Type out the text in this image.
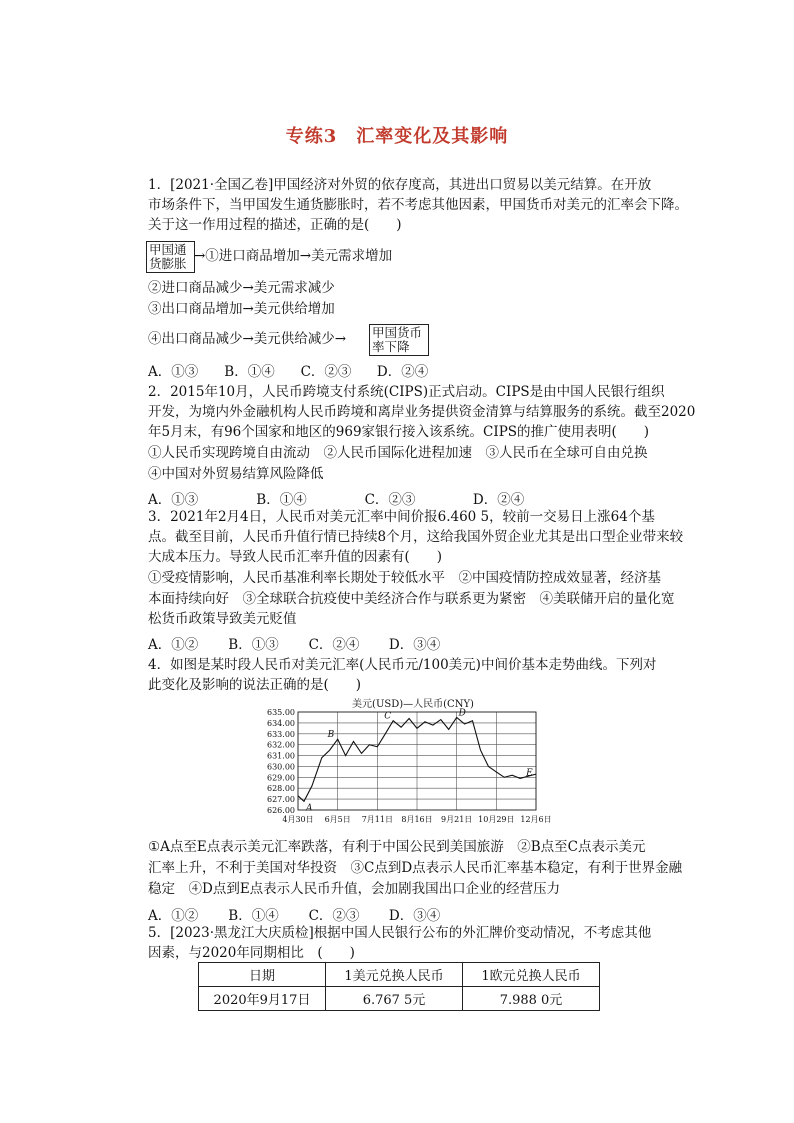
专练3　汇率变化及其影响
1．[2021·全国乙卷]甲国经济对外贸的依存度高，其进出口贸易以美元结算。在开放
市场条件下，当甲国发生通货膨胀时，若不考虑其他因素，甲国货币对美元的汇率会下降。
关于这一作用过程的描述，正确的是(　　)
甲国通货膨胀 →①进口商品增加→美元需求增加
②进口商品减少→美元需求减少
③出口商品增加→美元供给增加
④出口商品减少→美元供给减少→ 甲国货币率下降
A．①③ B．①④ C．②③ D．②④
2．2015年10月，人民币跨境支付系统(CIPS)正式启动。CIPS是由中国人民银行组织
开发，为境内外金融机构人民币跨境和离岸业务提供资金清算与结算服务的系统。截至2020
年5月末，有96个国家和地区的969家银行接入该系统。CIPS的推广使用表明(　　)
①人民币实现跨境自由流动　②人民币国际化进程加速　③人民币在全球可自由兑换
④中国对外贸易结算风险降低
A．①③	B．①④	C．②③	D．②④
3．2021年2月4日，人民币对美元汇率中间价报6.460 5，较前一交易日上涨64个基
点。截至目前，人民币升值行情已持续8个月，这给我国外贸企业尤其是出口型企业带来较
大成本压力。导致人民币汇率升值的因素有(　　)
①受疫情影响，人民币基准利率长期处于较低水平　②中国疫情防控成效显著，经济基
本面持续向好　③全球联合抗疫使中美经济合作与联系更为紧密　④美联储开启的量化宽
松货币政策导致美元贬值
A．①② B．①③ C．②④ D．③④
4．如图是某时段人民币对美元汇率(人民币元/100美元)中间价基本走势曲线。下列对
此变化及影响的说法正确的是(　　)
美元(USD)—人民币(CNY)
626.00
627.00
628.00
629.00
630.00
631.00
632.00
633.00
634.00
635.00
4月30日 6月5日 7月11日 8月16日 9月21日 10月29日 12月6日
A
B
C	D
E
①A点至E点表示美元汇率跌落，有利于中国公民到美国旅游　②B点至C点表示美元
汇率上升，不利于美国对华投资　③C点到D点表示人民币汇率基本稳定，有利于世界金融
稳定　④D点到E点表示人民币升值，会加剧我国出口企业的经营压力
A．①② B．①④ C．②③ D．③④
5．[2023·黑龙江大庆质检]根据中国人民银行公布的外汇牌价变动情况，不考虑其他
因素，与2020年同期相比　(　　)
日期	1美元兑换人民币	1欧元兑换人民币
2020年9月17日	6.767 5元	7.988 0元
